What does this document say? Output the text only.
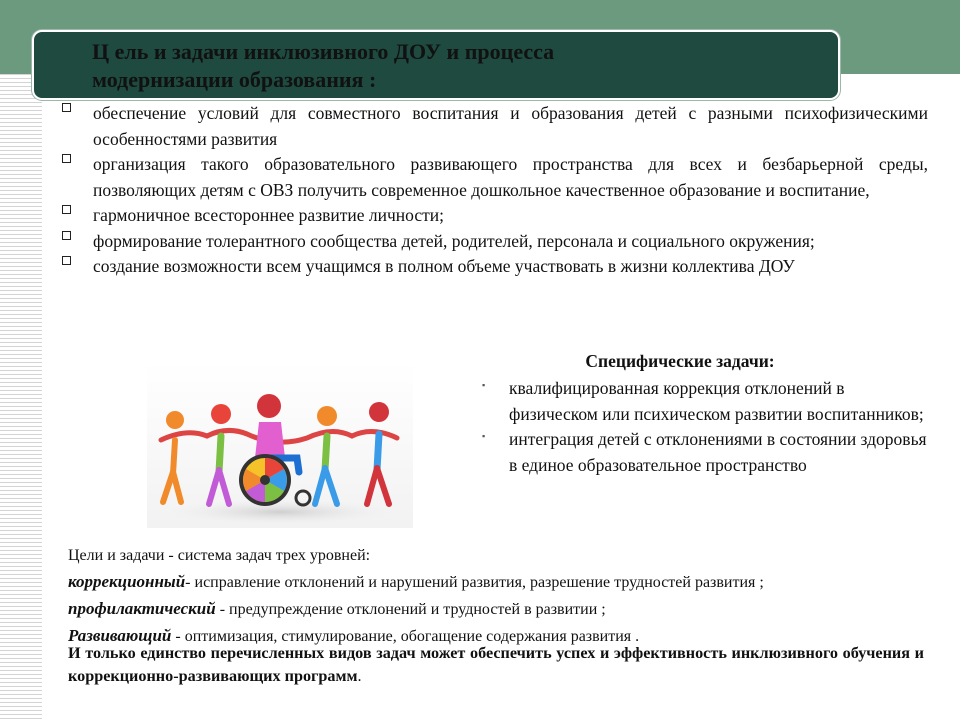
Ц ель и задачи инклюзивного ДОУ и процесса
модернизации образования :
обеспечение условий для совместного воспитания и образования детей с разными психофизическими особенностями развития
организация такого образовательного развивающего пространства для всех и безбарьерной среды, позволяющих детям с ОВЗ получить современное дошкольное качественное образование и воспитание,
гармоничное всестороннее развитие личности;
формирование толерантного сообщества детей, родителей, персонала и социального окружения;
создание возможности всем учащимся в полном объеме участвовать в жизни коллектива ДОУ
Специфические задачи:
▪ квалифицированная коррекция отклонений в физическом или психическом развитии воспитанников;
▪ интеграция детей с отклонениями в состоянии здоровья в единое образовательное пространство
Цели и задачи - система задач трех уровней:
коррекционный- исправление отклонений и нарушений развития, разрешение трудностей развития ;
профилактический - предупреждение отклонений и трудностей в развитии ;
Развивающий - оптимизация, стимулирование, обогащение содержания развития .
И только единство перечисленных видов задач может обеспечить успех и эффективность инклюзивного обучения и коррекционно-развивающих программ.
